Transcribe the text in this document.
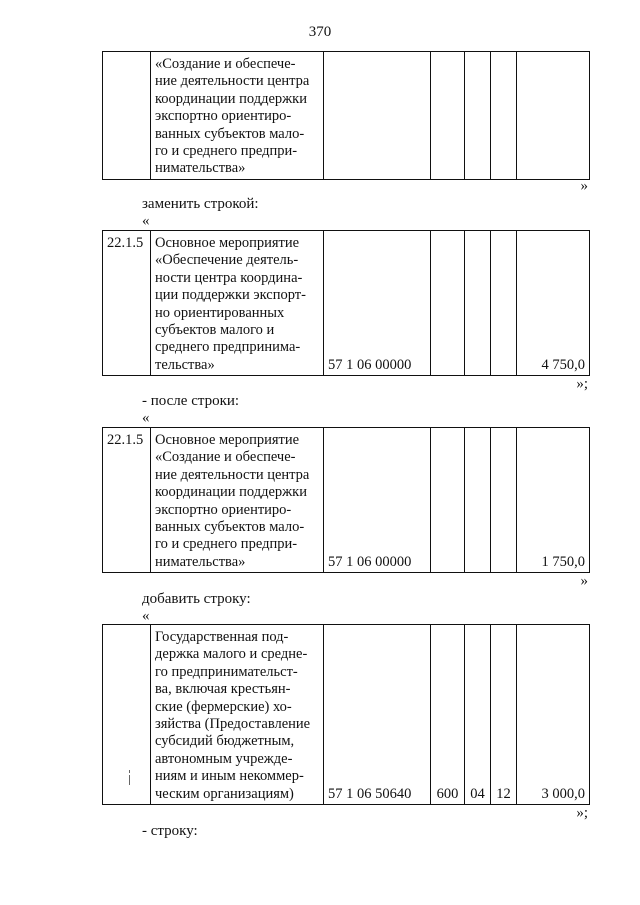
370

«Создание и обеспече-
ние деятельности центра
координации поддержки
экспортно ориентиро-
ванных субъектов мало-
го и среднего предпри-
нимательства»

»
заменить строкой:
«
22.1.5	Основное мероприятие
«Обеспечение деятель-
ности центра координа-
ции поддержки экспорт-
но ориентированных
субъектов малого и
среднего предпринима-
тельства»	57 1 06 00000				4 750,0
»;
- после строки:
«
22.1.5	Основное мероприятие
«Создание и обеспече-
ние деятельности центра
координации поддержки
экспортно ориентиро-
ванных субъектов мало-
го и среднего предпри-
нимательства»	57 1 06 00000				1 750,0
»
добавить строку:
«

Государственная под-
держка малого и средне-
го предпринимательст-
ва, включая крестьян-
ские (фермерские) хо-
зяйства (Предоставление
субсидий бюджетным,
автономным учрежде-
ниям и иным некоммер-
ческим организациям)	57 1 06 50640	600	04	12	3 000,0
»;
- строку:
